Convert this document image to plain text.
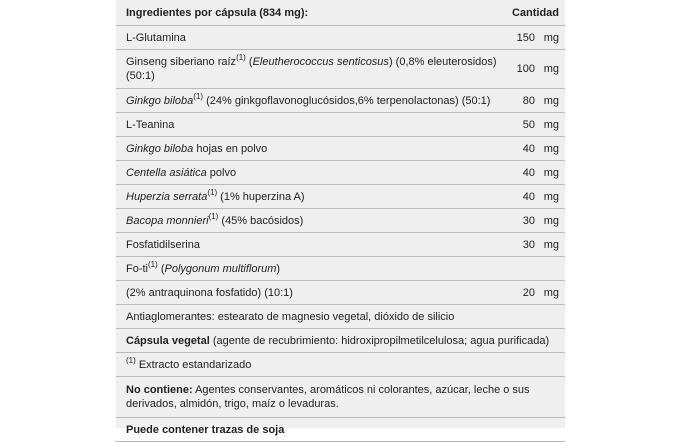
Ingredientes por cápsula (834 mg):	Cantidad
L-Glutamina	150 mg
Ginseng siberiano raíz$^{(1)}$ (Eleutherococcus senticosus) (0,8% eleuterosidos)
(50:1)	100 mg
Ginkgo biloba$^{(1)}$ (24% ginkgoflavonoglucósidos,6% terpenolactonas) (50:1)	80 mg
L-Teanina	50 mg
Ginkgo biloba hojas en polvo	40 mg
Centella asiática polvo	40 mg
Huperzia serrata$^{(1)}$ (1% huperzina A)	40 mg
Bacopa monnieri$^{(1)}$ (45% bacósidos)	30 mg
Fosfatidilserina	30 mg
$Fo-ti^{(1)}$ (Polygonum multiflorum)	
(2% antraquinona fosfatido) (10:1)	20 mg
Antiaglomerantes: estearato de magnesio vegetal, dióxido de silicio	
Cápsula vegetal (agente de recubrimiento: hidroxipropilmetilcelulosa; agua purificada)	
$^{(1)}$ Extracto estandarizado	
No contiene: Agentes conservantes, aromáticos ni colorantes, azúcar, leche o sus
derivados, almidón, trigo, maíz o levaduras.	
Puede contener trazas de soja	
